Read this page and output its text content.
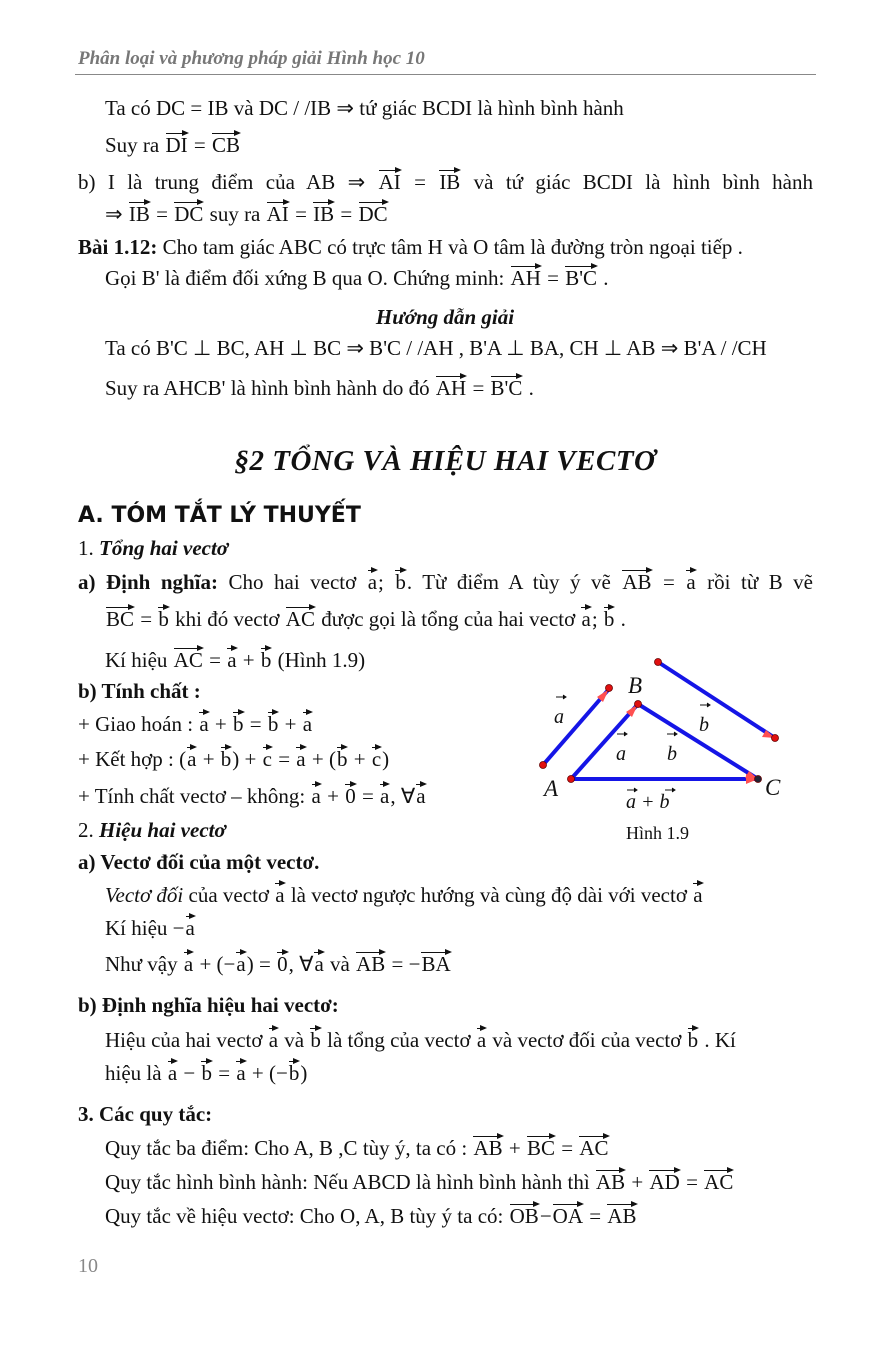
Phân loại và phương pháp giải Hình học 10
Ta có DC = IB và DC / /IB ⇒ tứ giác BCDI là hình bình hành
Suy ra DI = CB
b) I là trung điểm của AB ⇒ AI = IB và tứ giác BCDI là hình bình hành
⇒ IB = DC suy ra AI = IB = DC
Bài 1.12: Cho tam giác ABC có trực tâm H và O tâm là đường tròn ngoại tiếp .
Gọi B' là điểm đối xứng B qua O. Chứng minh: AH = B'C .
Hướng dẫn giải
Ta có B'C ⊥ BC, AH ⊥ BC ⇒ B'C / /AH , B'A ⊥ BA, CH ⊥ AB ⇒ B'A / /CH
Suy ra AHCB' là hình bình hành do đó AH = B'C .
§2 TỔNG VÀ HIỆU HAI VECTƠ
A. TÓM TẮT LÝ THUYẾT
1. Tổng hai vectơ
a) Định nghĩa: Cho hai vectơ a; b. Từ điểm A tùy ý vẽ AB = a rồi từ B vẽ
BC = b khi đó vectơ AC được gọi là tổng của hai vectơ a; b .
Kí hiệu AC = a + b (Hình 1.9)
b) Tính chất :
+ Giao hoán : a + b = b + a
+ Kết hợp : (a + b) + c = a + (b + c)
+ Tính chất vectơ – không: a + 0 = a, ∀a
2. Hiệu hai vectơ
a) Vectơ đối của một vectơ.
Vectơ đối của vectơ a là vectơ ngược hướng và cùng độ dài với vectơ a
Kí hiệu −a
Như vậy a + (−a) = 0, ∀a và AB = −BA
b) Định nghĩa hiệu hai vectơ:
Hiệu của hai vectơ a và b là tổng của vectơ a và vectơ đối của vectơ b . Kí
hiệu là a − b = a + (−b)
3. Các quy tắc:
Quy tắc ba điểm: Cho A, B ,C tùy ý, ta có : AB + BC = AC
Quy tắc hình bình hành: Nếu ABCD là hình bình hành thì AB + AD = AC
Quy tắc về hiệu vectơ: Cho O, A, B tùy ý ta có: OB−OA = AB
10
B
A	C
a	b
a b
a + b
Hình 1.9
